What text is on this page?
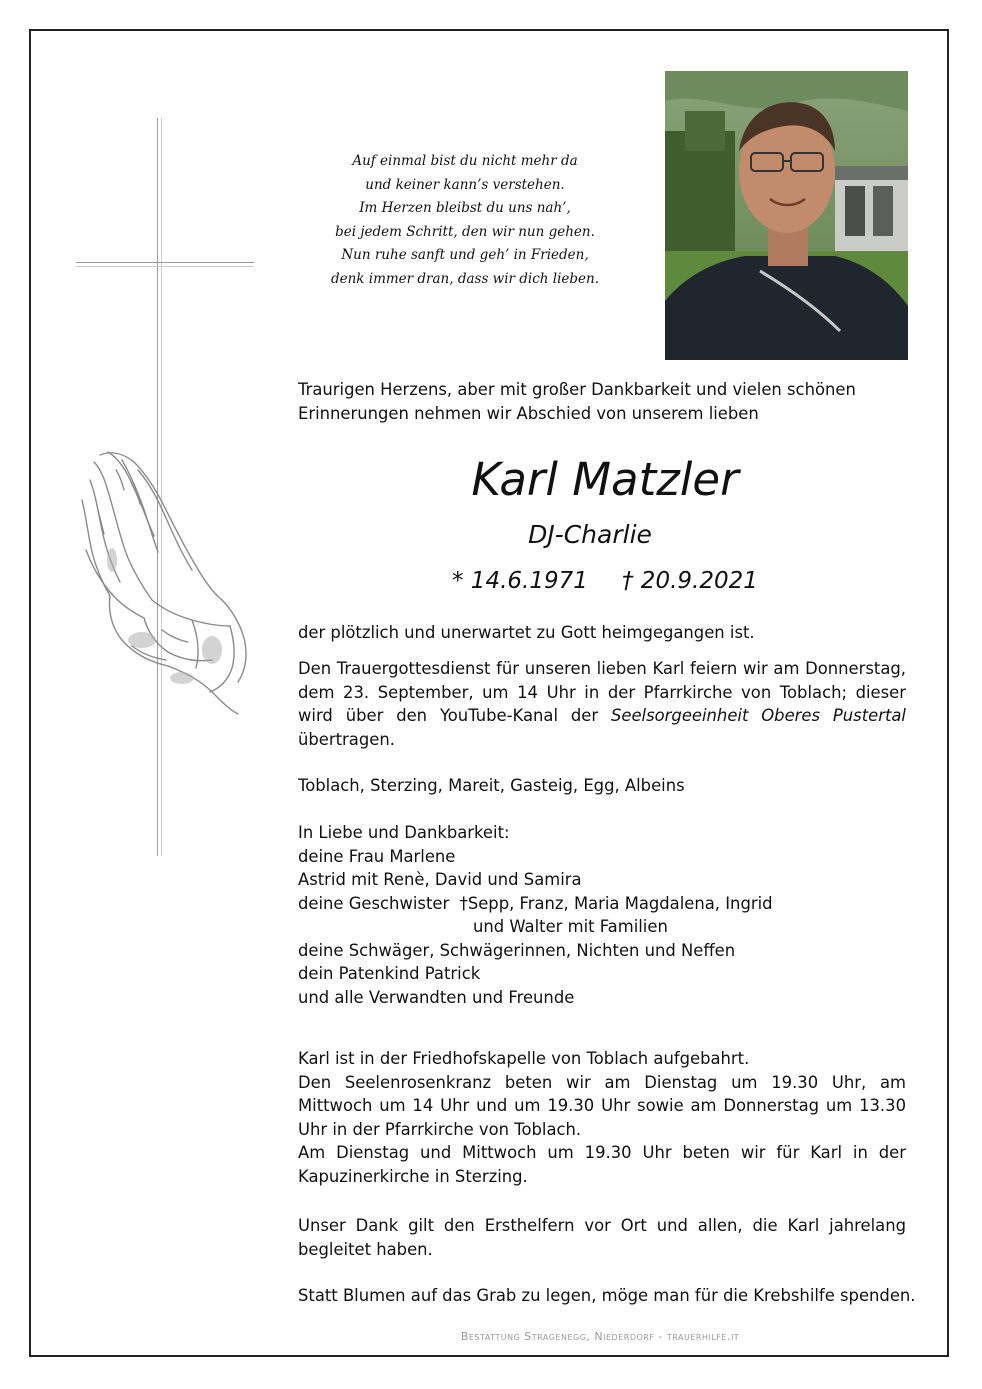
Auf einmal bist du nicht mehr da
und keiner kann’s verstehen.
Im Herzen bleibst du uns nah’,
bei jedem Schritt, den wir nun gehen.
Nun ruhe sanft und geh’ in Frieden,
denk immer dran, dass wir dich lieben.
Traurigen Herzens, aber mit großer Dankbarkeit und vielen schönen
Erinnerungen nehmen wir Abschied von unserem lieben
Karl Matzler
DJ-Charlie
* 14.6.1971 † 20.9.2021
der plötzlich und unerwartet zu Gott heimgegangen ist.
Den Trauergottesdienst für unseren lieben Karl feiern wir am Donnerstag, dem 23. September, um 14 Uhr in der Pfarrkirche von Toblach; dieser wird über den YouTube-Kanal der Seelsorgeeinheit Oberes Pustertal übertragen.
Toblach, Sterzing, Mareit, Gasteig, Egg, Albeins
In Liebe und Dankbarkeit:
deine Frau Marlene
Astrid mit Renè, David und Samira
deine Geschwister  †Sepp, Franz, Maria Magdalena, Ingrid
und Walter mit Familien
deine Schwäger, Schwägerinnen, Nichten und Neffen
dein Patenkind Patrick
und alle Verwandten und Freunde
Karl ist in der Friedhofskapelle von Toblach aufgebahrt.
Den Seelenrosenkranz beten wir am Dienstag um 19.30 Uhr, am Mittwoch um 14 Uhr und um 19.30 Uhr sowie am Donnerstag um 13.30 Uhr in der Pfarrkirche von Toblach.
Am Dienstag und Mittwoch um 19.30 Uhr beten wir für Karl in der Kapuzinerkirche in Sterzing.
Unser Dank gilt den Ersthelfern vor Ort und allen, die Karl jahrelang begleitet haben.
Statt Blumen auf das Grab zu legen, möge man für die Krebshilfe spenden.
Bestattung Stragenegg, Niederdorf - trauerhilfe.it
